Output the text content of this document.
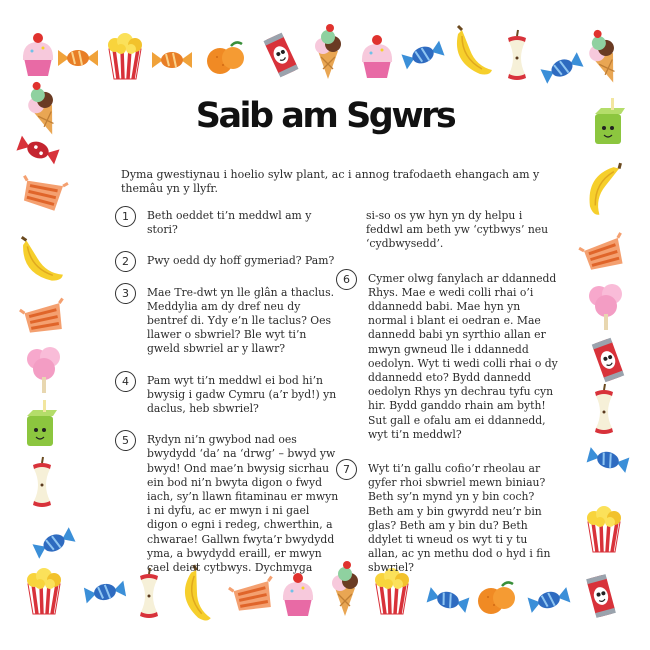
Saib am Sgwrs

Dyma gwestiynau i hoelio sylw plant, ac i annog trafodaeth ehangach am y themâu yn y llyfr.

1	Beth oeddet ti’n meddwl am y stori?

2	Pwy oedd dy hoff gymeriad? Pam?

3	Mae Tre-dwt yn lle glân a thaclus. Meddylia am dy dref neu dy bentref di. Ydy e’n lle taclus? Oes llawer o sbwriel? Ble wyt ti’n gweld sbwriel ar y llawr?

4	Pam wyt ti’n meddwl ei bod hi’n bwysig i gadw Cymru (a’r byd!) yn daclus, heb sbwriel?

5	Rydyn ni’n gwybod nad oes bwydydd ‘da’ na ‘drwg’ – bwyd yw bwyd! Ond mae’n bwysig sicrhau ein bod ni’n bwyta digon o fwyd iach, sy’n llawn fitaminau er mwyn i ni dyfu, ac er mwyn i ni gael digon o egni i redeg, chwerthin, a chwarae! Gallwn fwyta’r bwydydd yma, a bwydydd eraill, er mwyn cael deiet cytbwys. Dychmyga

si-so os yw hyn yn dy helpu i feddwl am beth yw ‘cytbwys’ neu ‘cydbwysedd’.

6	Cymer olwg fanylach ar ddannedd Rhys. Mae e wedi colli rhai o’i ddannedd babi. Mae hyn yn normal i blant ei oedran e. Mae dannedd babi yn syrthio allan er mwyn gwneud lle i ddannedd oedolyn. Wyt ti wedi colli rhai o dy ddannedd eto? Bydd dannedd oedolyn Rhys yn dechrau tyfu cyn hir. Bydd ganddo rhain am byth! Sut gall e ofalu am ei ddannedd, wyt ti’n meddwl?

7	Wyt ti’n gallu cofio’r rheolau ar gyfer rhoi sbwriel mewn biniau? Beth sy’n mynd yn y bin coch? Beth am y bin gwyrdd neu’r bin glas? Beth am y bin du? Beth ddylet ti wneud os wyt ti y tu allan, ac yn methu dod o hyd i fin sbwriel?
